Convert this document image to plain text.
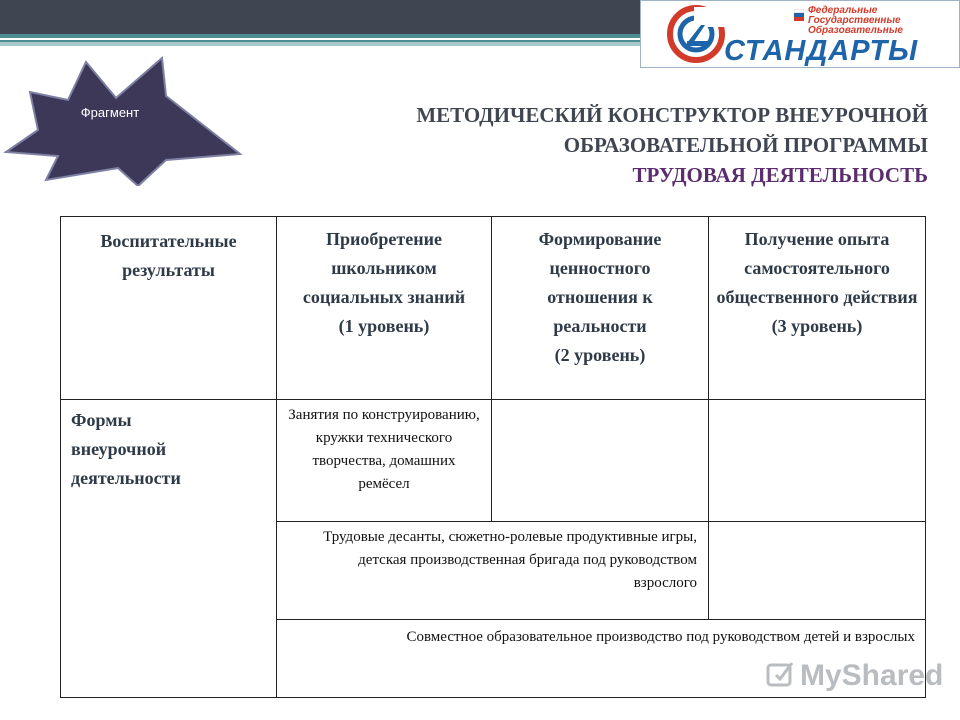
Федеральные
Государственные
Образовательные
СТАНДАРТЫ
Фрагмент	МЕТОДИЧЕСКИЙ КОНСТРУКТОР ВНЕУРОЧНОЙ
ОБРАЗОВАТЕЛЬНОЙ ПРОГРАММЫ
ТРУДОВАЯ ДЕЯТЕЛЬНОСТЬ
Воспитательные результаты
Приобретение школьником социальных знаний
(1 уровень)
Формирование ценностного отношения к реальности
(2 уровень)
Получение опыта самостоятельного общественного действия
(3 уровень)
Формы внеурочной деятельности
Занятия по конструированию, кружки технического творчества, домашних ремёсел
Трудовые десанты, сюжетно-ролевые продуктивные игры, детская производственная бригада под руководством взрослого
Совместное образовательное производство под руководством детей и взрослых
MyShared
